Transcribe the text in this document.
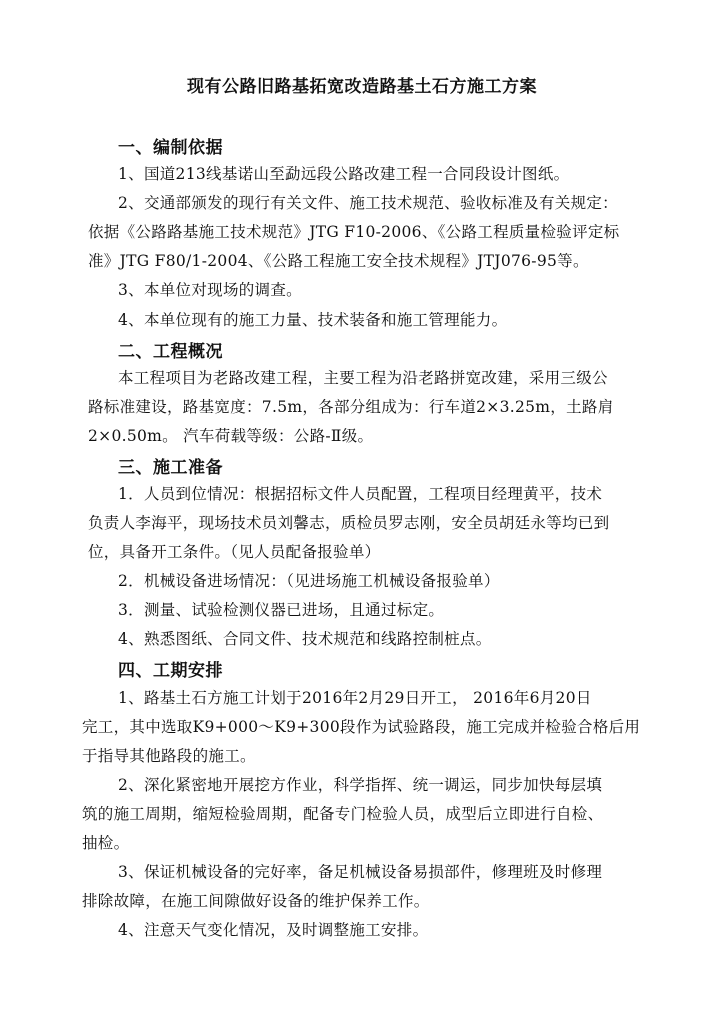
现有公路旧路基拓宽改造路基土石方施工方案
一、编制依据
1、国道213线基诺山至勐远段公路改建工程一合同段设计图纸。
2、交通部颁发的现行有关文件、施工技术规范、验收标准及有关规定：
依据《公路路基施工技术规范》JTG F10-2006、《公路工程质量检验评定标
准》JTG F80/1-2004、《公路工程施工安全技术规程》JTJ076-95等。
3、本单位对现场的调查。
4、本单位现有的施工力量、技术装备和施工管理能力。
二、工程概况
本工程项目为老路改建工程，主要工程为沿老路拼宽改建，采用三级公
路标准建设，路基宽度：7.5m，各部分组成为：行车道2×3.25m，土路肩
2×0.50m。 汽车荷载等级：公路-Ⅱ级。
三、施工准备
1．人员到位情况：根据招标文件人员配置，工程项目经理黄平，技术
负责人李海平，现场技术员刘馨志，质检员罗志刚，安全员胡廷永等均已到
位，具备开工条件。（见人员配备报验单）
2．机械设备进场情况：（见进场施工机械设备报验单）
3．测量、试验检测仪器已进场，且通过标定。
4、熟悉图纸、合同文件、技术规范和线路控制桩点。
四、工期安排
1、路基土石方施工计划于2016年2月29日开工， 2016年6月20日
完工，其中选取K9+000～K9+300段作为试验路段，施工完成并检验合格后用
于指导其他路段的施工。
2、深化紧密地开展挖方作业，科学指挥、统一调运，同步加快每层填
筑的施工周期，缩短检验周期，配备专门检验人员，成型后立即进行自检、
抽检。
3、保证机械设备的完好率，备足机械设备易损部件，修理班及时修理
排除故障，在施工间隙做好设备的维护保养工作。
4、注意天气变化情况，及时调整施工安排。
